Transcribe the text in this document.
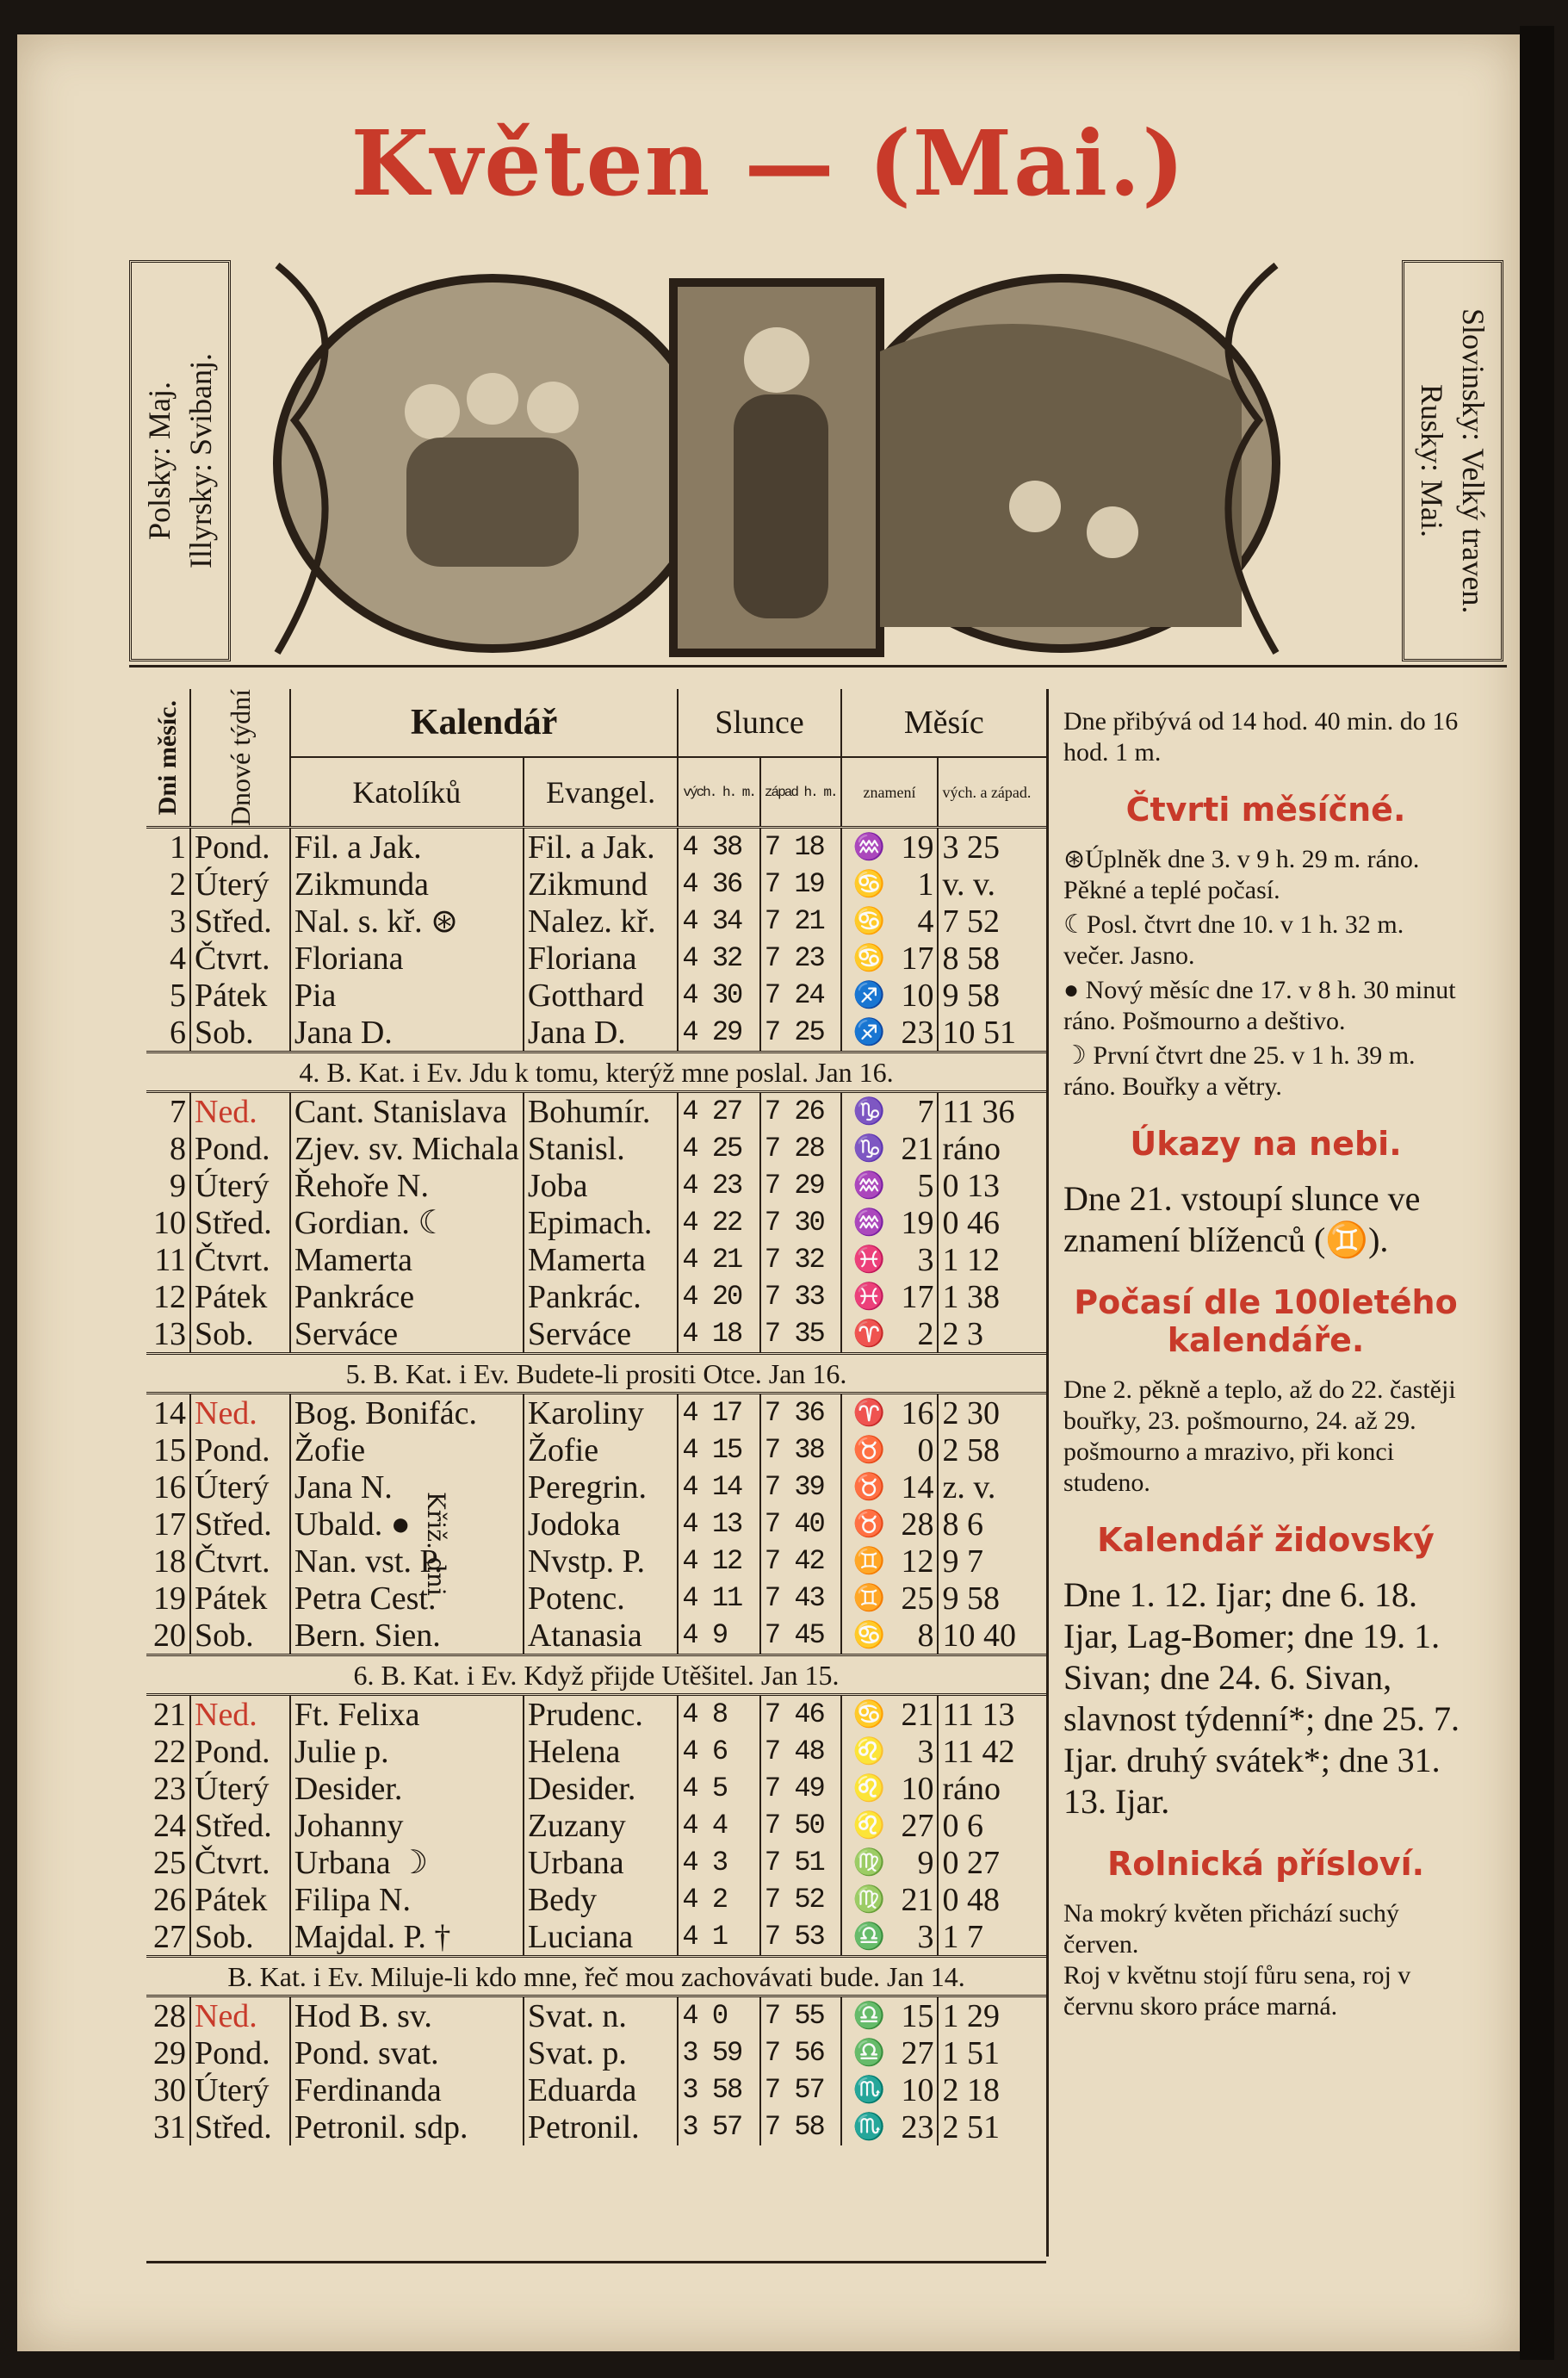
Květen — (Mai.)
Polsky: Maj. Illyrsky: Svibanj.	Slovinsky: Velký traven.
Rusky: Mai.
Dni měsíc.	Dnové týdní	Kalendář		Slunce		Měsíc		
		Katolíků	Evangel.	vých. h. m.	západ h. m.	znamení		vých. a západ.
1	Pond.	Fil. a Jak.	Fil. a Jak.	4 38	7 18	♒	19	3 25
2	Úterý	Zikmunda	Zikmund	4 36	7 19	♋	1	v. v.
3	Střed.	Nal. s. kř. ⊛	Nalez. kř.	4 34	7 21	♋	4	7 52
4	Čtvrt.	Floriana	Floriana	4 32	7 23	♋	17	8 58
5	Pátek	Pia	Gotthard	4 30	7 24	♐	10	9 58
6	Sob.	Jana D.	Jana D.	4 29	7 25	♐	23	10 51
4. B. Kat. i Ev. Jdu k tomu, kterýž mne poslal. Jan 16.								
7	Ned.	Cant. Stanislava	Bohumír.	4 27	7 26	♑	7	11 36
8	Pond.	Zjev. sv. Michala	Stanisl.	4 25	7 28	♑	21	ráno
9	Úterý	Řehoře N.	Joba	4 23	7 29	♒	5	0 13
10	Střed.	Gordian. ☾	Epimach.	4 22	7 30	♒	19	0 46
11	Čtvrt.	Mamerta	Mamerta	4 21	7 32	♓	3	1 12
12	Pátek	Pankráce	Pankrác.	4 20	7 33	♓	17	1 38
13	Sob.	Serváce	Serváce	4 18	7 35	♈	2	2 3
5. B. Kat. i Ev. Budete-li prositi Otce. Jan 16.								
14	Ned.	Bog. Bonifác.	Karoliny	4 17	7 36	♈	16	2 30
15	Pond.	Žofie	Žofie	4 15	7 38	♉	0	2 58
16	Úterý	Jana N.	Peregrin.	4 14	7 39	♉	14	z. v.
17	Střed.	Ubald. ●	Jodoka	4 13	7 40	♉	28	8 6
18	Čtvrt.	Nan. vst. P.	Nvstp. P.	4 12	7 42	♊	12	9 7
19	Pátek	Petra Cest.	Potenc.	4 11	7 43	♊	25	9 58
20	Sob.	Bern. Sien.	Atanasia	4 9	7 45	♋	8	10 40
6. B. Kat. i Ev. Když přijde Utěšitel. Jan 15.								
21	Ned.	Ft. Felixa	Prudenc.	4 8	7 46	♋	21	11 13
22	Pond.	Julie p.	Helena	4 6	7 48	♌	3	11 42
23	Úterý	Desider.	Desider.	4 5	7 49	♌	10	ráno
24	Střed.	Johanny	Zuzany	4 4	7 50	♌	27	0 6
25	Čtvrt.	Urbana ☽	Urbana	4 3	7 51	♍	9	0 27
26	Pátek	Filipa N.	Bedy	4 2	7 52	♍	21	0 48
27	Sob.	Majdal. P. †	Luciana	4 1	7 53	♎	3	1 7
B. Kat. i Ev. Miluje-li kdo mne, řeč mou zachovávati bude. Jan 14.								
28	Ned.	Hod B. sv.	Svat. n.	4 0	7 55	♎	15	1 29
29	Pond.	Pond. svat.	Svat. p.	3 59	7 56	♎	27	1 51
30	Úterý	Ferdinanda	Eduarda	3 58	7 57	♏	10	2 18
31	Střed.	Petronil. sdp.	Petronil.	3 57	7 58	♏	23	2 51
Křiž. dni

Dne přibývá od 14 hod. 40 min. do 16 hod. 1 m.

Čtvrti měsíčné.

⊛Úplněk dne 3. v 9 h. 29 m. ráno. Pěkné a teplé počasí.

☾Posl. čtvrt dne 10. v 1 h. 32 m. večer. Jasno.

● Nový měsíc dne 17. v 8 h. 30 minut ráno. Pošmourno a deštivo.

☽ První čtvrt dne 25. v 1 h. 39 m. ráno. Bouřky a větry.

Úkazy na nebi.

Dne 21. vstoupí slunce ve znamení blíženců (♊).

Počasí dle 100letého kalendáře.

Dne 2. pěkně a teplo, až do 22. častěji bouřky, 23. pošmourno, 24. až 29. pošmourno a mrazivo, při konci studeno.

Kalendář židovský

Dne 1. 12. Ijar; dne 6. 18. Ijar, Lag-Bomer; dne 19. 1. Sivan; dne 24. 6. Sivan, slavnost týdenní*; dne 25. 7. Ijar. druhý svátek*; dne 31. 13. Ijar.

Rolnická přísloví.

Na mokrý květen přichází suchý červen.

Roj v květnu stojí fůru sena, roj v červnu skoro práce marná.
